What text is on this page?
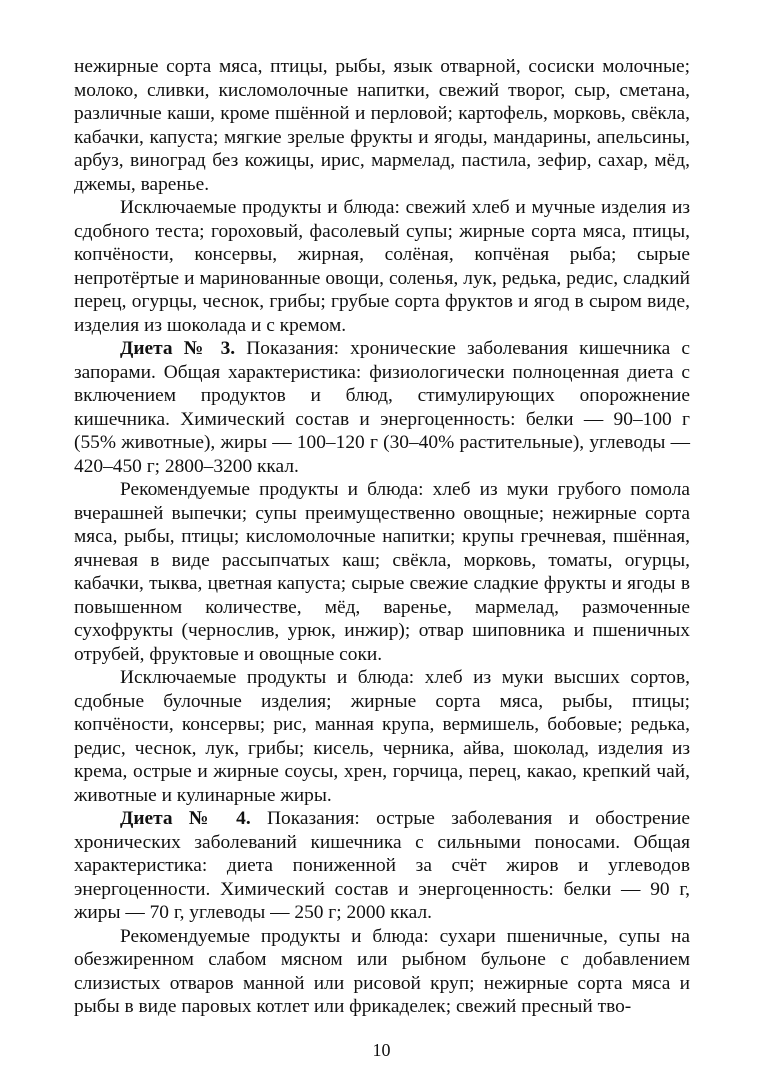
нежирные сорта мяса, птицы, рыбы, язык отварной, сосиски молочные; молоко, сливки, кисломолочные напитки, свежий творог, сыр, сметана, различные каши, кроме пшённой и перловой; картофель, морковь, свёкла, кабачки, капуста; мягкие зрелые фрукты и ягоды, мандарины, апельсины, арбуз, виноград без кожицы, ирис, мармелад, пастила, зефир, сахар, мёд, джемы, варенье.

Исключаемые продукты и блюда: свежий хлеб и мучные изделия из сдобного теста; гороховый, фасолевый супы; жирные сорта мяса, птицы, копчёности, консервы, жирная, солёная, копчёная рыба; сырые непротёртые и маринованные овощи, соленья, лук, редька, редис, сладкий перец, огурцы, чеснок, грибы; грубые сорта фруктов и ягод в сыром виде, изделия из шоколада и с кремом.

Диета № 3. Показания: хронические заболевания кишечника с запорами. Общая характеристика: физиологически полноценная диета с включением продуктов и блюд, стимулирующих опорожнение кишечника. Химический состав и энергоценность: белки — 90–100 г (55% животные), жиры — 100–120 г (30–40% растительные), углеводы — 420–450 г; 2800–3200 ккал.

Рекомендуемые продукты и блюда: хлеб из муки грубого помола вчерашней выпечки; супы преимущественно овощные; нежирные сорта мяса, рыбы, птицы; кисломолочные напитки; крупы гречневая, пшённая, ячневая в виде рассыпчатых каш; свёкла, морковь, томаты, огурцы, кабачки, тыква, цветная капуста; сырые свежие сладкие фрукты и ягоды в повышенном количестве, мёд, варенье, мармелад, размоченные сухофрукты (чернослив, урюк, инжир); отвар шиповника и пшеничных отрубей, фруктовые и овощные соки.

Исключаемые продукты и блюда: хлеб из муки высших сортов, сдобные булочные изделия; жирные сорта мяса, рыбы, птицы; копчёности, консервы; рис, манная крупа, вермишель, бобовые; редька, редис, чеснок, лук, грибы; кисель, черника, айва, шоколад, изделия из крема, острые и жирные соусы, хрен, горчица, перец, какао, крепкий чай, животные и кулинарные жиры.

Диета № 4. Показания: острые заболевания и обострение хронических заболеваний кишечника с сильными поносами. Общая характеристика: диета пониженной за счёт жиров и углеводов энергоценности. Химический состав и энергоценность: белки — 90 г, жиры — 70 г, углеводы — 250 г; 2000 ккал.

Рекомендуемые продукты и блюда: сухари пшеничные, супы на обезжиренном слабом мясном или рыбном бульоне с добавлением слизистых отваров манной или рисовой круп; нежирные сорта мяса и рыбы в виде паровых котлет или фрикаделек; свежий пресный тво-

10
